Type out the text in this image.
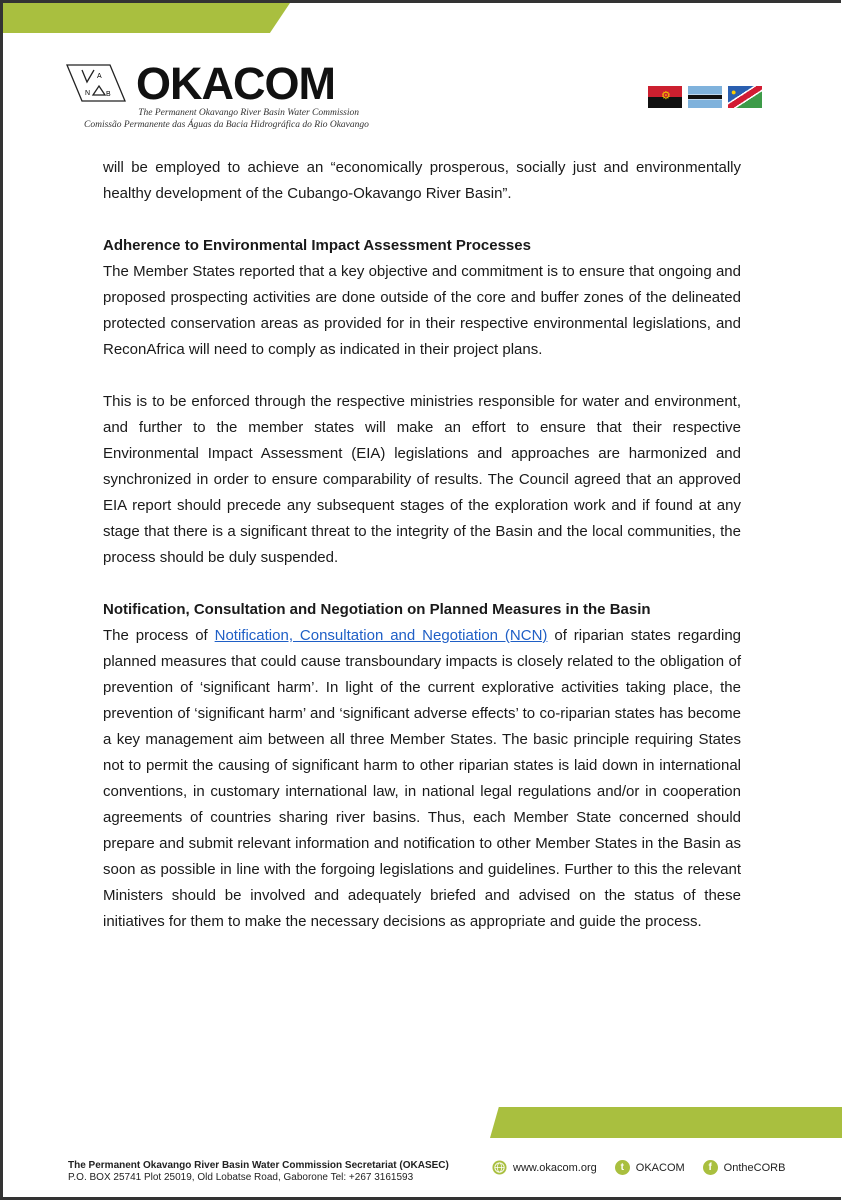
A
N B OKACOM
The Permanent Okavango River Basin Water Commission
Comissão Permanente das Águas da Bacia Hidrográfica do Rio Okavango
⚙	●

will be employed to achieve an “economically prosperous, socially just and environmentally healthy development of the Cubango-Okavango River Basin”.

Adherence to Environmental Impact Assessment Processes

The Member States reported that a key objective and commitment is to ensure that ongoing and proposed prospecting activities are done outside of the core and buffer zones of the delineated protected conservation areas as provided for in their respective environmental legislations, and ReconAfrica will need to comply as indicated in their project plans.

This is to be enforced through the respective ministries responsible for water and environment, and further to the member states will make an effort to ensure that their respective Environmental Impact Assessment (EIA) legislations and approaches are harmonized and synchronized in order to ensure comparability of results. The Council agreed that an approved EIA report should precede any subsequent stages of the exploration work and if found at any stage that there is a significant threat to the integrity of the Basin and the local communities, the process should be duly suspended.

Notification, Consultation and Negotiation on Planned Measures in the Basin

The process of Notification, Consultation and Negotiation (NCN) of riparian states regarding planned measures that could cause transboundary impacts is closely related to the obligation of prevention of ‘significant harm’. In light of the current explorative activities taking place, the prevention of ‘significant harm’ and ‘significant adverse effects’ to co-riparian states has become a key management aim between all three Member States. The basic principle requiring States not to permit the causing of significant harm to other riparian states is laid down in international conventions, in customary international law, in national legal regulations and/or in cooperation agreements of countries sharing river basins. Thus, each Member State concerned should prepare and submit relevant information and notification to other Member States in the Basin as soon as possible in line with the forgoing legislations and guidelines. Further to this the relevant Ministers should be involved and adequately briefed and advised on the status of these initiatives for them to make the necessary decisions as appropriate and guide the process.

The Permanent Okavango River Basin Water Commission Secretariat (OKASEC)
P.O. BOX 25741 Plot 25019, Old Lobatse Road, Gaborone Tel: +267 3161593
www.okacom.org	t	OKACOM	f	OntheCORB
